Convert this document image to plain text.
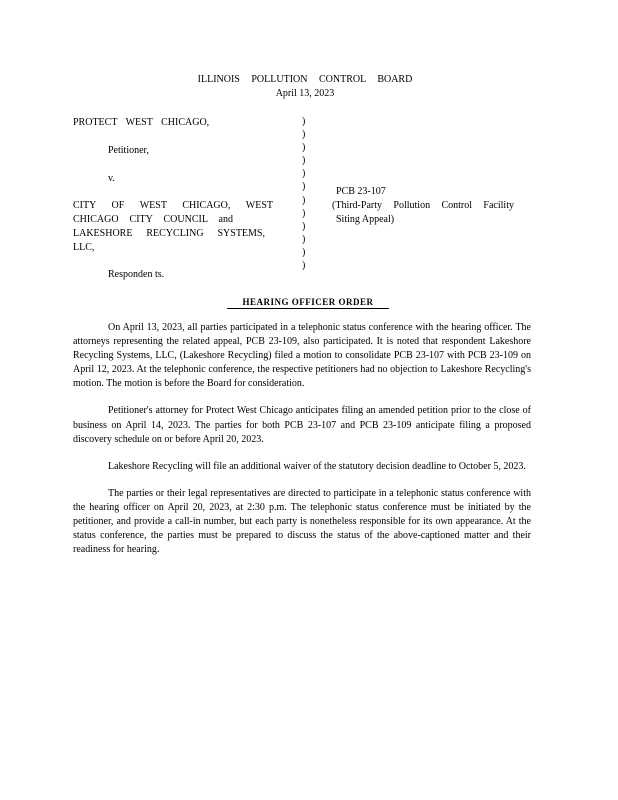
ILLINOIS POLLUTION CONTROL BOARD
April 13, 2023
PROTECT WEST CHICAGO,
Petitioner,
v.
CITY OF WEST CHICAGO, WEST
CHICAGO CITY COUNCIL and
LAKESHORE RECYCLING SYSTEMS,
LLC,
Responden ts.
)
)
)
)
)
)
)
)
)
)
)
)
PCB 23-107
(Third-Party Pollution Control Facility
Siting Appeal)
HEARING OFFICER ORDER

On April 13, 2023, all parties participated in a telephonic status conference with the hearing officer. The attorneys representing the related appeal, PCB 23-109, also participated. It is noted that respondent Lakeshore Recycling Systems, LLC, (Lakeshore Recycling) filed a motion to consolidate PCB 23-107 with PCB 23-109 on April 12, 2023. At the telephonic conference, the respective petitioners had no objection to Lakeshore Recycling's motion. The motion is before the Board for consideration.

Petitioner's attorney for Protect West Chicago anticipates filing an amended petition prior to the close of business on April 14, 2023. The parties for both PCB 23-107 and PCB 23-109 anticipate filing a proposed discovery schedule on or before April 20, 2023.

Lakeshore Recycling will file an additional waiver of the statutory decision deadline to October 5, 2023.

The parties or their legal representatives are directed to participate in a telephonic status conference with the hearing officer on April 20, 2023, at 2:30 p.m. The telephonic status conference must be initiated by the petitioner, and provide a call-in number, but each party is nonetheless responsible for its own appearance. At the status conference, the parties must be prepared to discuss the status of the above-captioned matter and their readiness for hearing.
